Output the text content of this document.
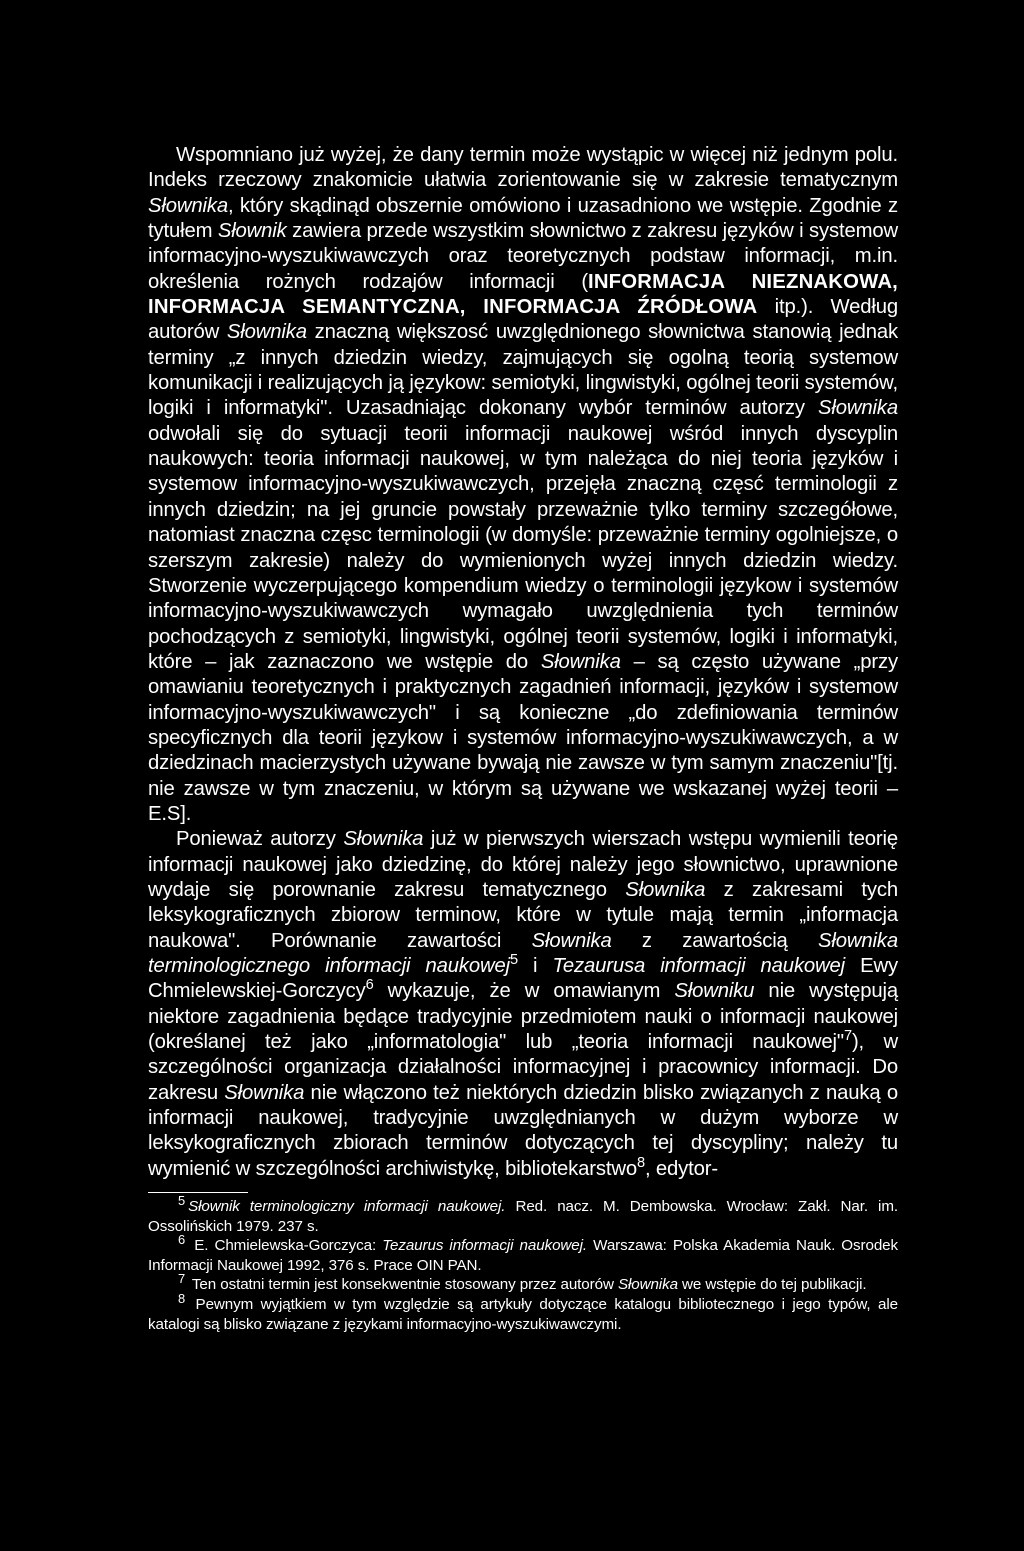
Wspomniano już wyżej, że dany termin może wystąpic w więcej niż jednym polu. Indeks rzeczowy znakomicie ułatwia zorientowanie się w zakresie tematycznym Słownika, który skądinąd obszernie omówiono i uzasadniono we wstępie. Zgodnie z tytułem Słownik zawiera przede wszystkim słownictwo z zakresu języków i systemow informacyjno-wyszukiwawczych oraz teoretycznych podstaw informacji, m.in. określenia rożnych rodzajów informacji (INFORMACJA NIEZNAKOWA, INFORMACJA SEMANTYCZNA, INFORMACJA ŹRÓDŁOWA itp.). Według autorów Słownika znaczną większosć uwzględnionego słownictwa stanowią jednak terminy „z innych dziedzin wiedzy, zajmujących się ogolną teorią systemow komunikacji i realizujących ją językow: semiotyki, lingwistyki, ogólnej teorii systemów, logiki i informatyki". Uzasadniając dokonany wybór terminów autorzy Słownika odwołali się do sytuacji teorii informacji naukowej wśród innych dyscyplin naukowych: teoria informacji naukowej, w tym należąca do niej teoria języków i systemow informacyjno-wyszukiwawczych, przejęła znaczną częsć terminologii z innych dziedzin; na jej gruncie powstały przeważnie tylko terminy szczegółowe, natomiast znaczna częsc terminologii (w domyśle: przeważnie terminy ogolniejsze, o szerszym zakresie) należy do wymienionych wyżej innych dziedzin wiedzy. Stworzenie wyczerpującego kompendium wiedzy o terminologii językow i systemów informacyjno-wyszukiwawczych wymagało uwzględnienia tych terminów pochodzących z semiotyki, lingwistyki, ogólnej teorii systemów, logiki i informatyki, które – jak zaznaczono we wstępie do Słownika – są często używane „przy omawianiu teoretycznych i praktycznych zagadnień informacji, języków i systemow informacyjno-wyszukiwawczych" i są konieczne „do zdefiniowania terminów specyficznych dla teorii językow i systemów informacyjno-wyszukiwawczych, a w dziedzinach macierzystych używane bywają nie zawsze w tym samym znaczeniu"[tj. nie zawsze w tym znaczeniu, w którym są używane we wskazanej wyżej teorii – E.S].

Ponieważ autorzy Słownika już w pierwszych wierszach wstępu wymienili teorię informacji naukowej jako dziedzinę, do której należy jego słownictwo, uprawnione wydaje się porownanie zakresu tematycznego Słownika z zakresami tych leksykograficznych zbiorow terminow, które w tytule mają termin „informacja naukowa". Porównanie zawartości Słownika z zawartością Słownika terminologicznego informacji naukowej$^5$ i Tezaurusa informacji naukowej Ewy Chmielewskiej-Gorczycy$^6$ wykazuje, że w omawianym Słowniku nie występują niektore zagadnienia będące tradycyjnie przedmiotem nauki o informacji naukowej (określanej też jako „informatologia" lub „teoria informacji naukowej"$^7$), w szczególności organizacja działalności informacyjnej i pracownicy informacji. Do zakresu Słownika nie włączono też niektórych dziedzin blisko związanych z nauką o informacji naukowej, tradycyjnie uwzględnianych w dużym wyborze w leksykograficznych zbiorach terminów dotyczących tej dyscypliny; należy tu wymienić w szczególności archiwistykę, bibliotekarstwo$^8$, edytor-

$^5$ Słownik terminologiczny informacji naukowej. Red. nacz. M. Dembowska. Wrocław: Zakł. Nar. im. Ossolińskich 1979. 237 s.

$^6$ E. Chmielewska-Gorczyca: Tezaurus informacji naukowej. Warszawa: Polska Akademia Nauk. Osrodek Informacji Naukowej 1992, 376 s. Prace OIN PAN.

$^7$ Ten ostatni termin jest konsekwentnie stosowany przez autorów Słownika we wstępie do tej publikacji.

$^8$ Pewnym wyjątkiem w tym względzie są artykuły dotyczące katalogu bibliotecznego i jego typów, ale katalogi są blisko związane z językami informacyjno-wyszukiwawczymi.
